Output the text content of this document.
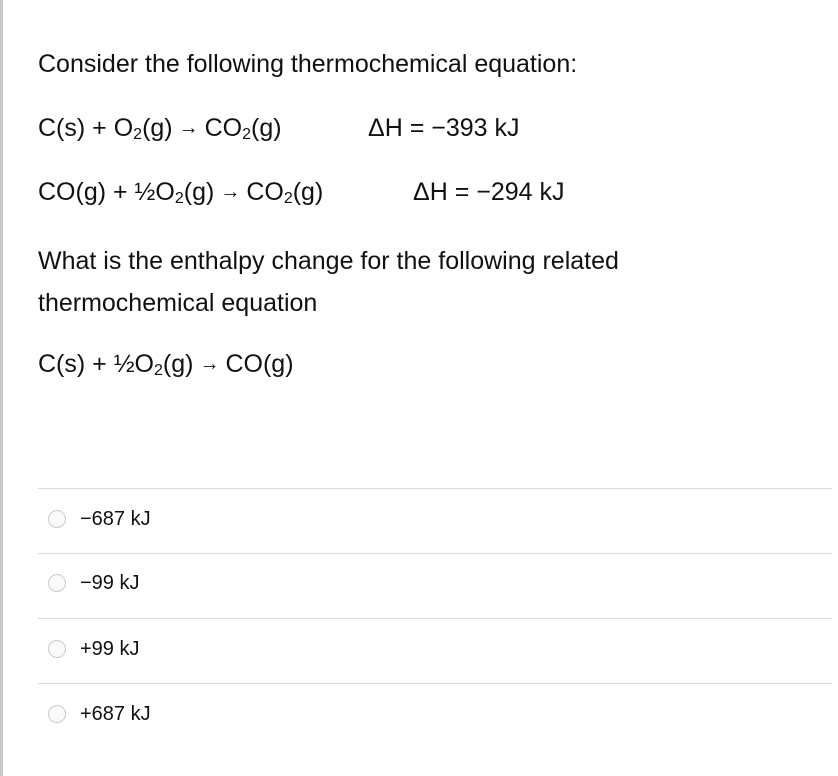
Consider the following thermochemical equation:
$C(s) + O_2(g) \to CO_2(g)$	ΔH = −393 kJ
$CO(g) + \frac{1}{2}O_2(g) \to CO_2(g)$	ΔH = −294 kJ
What is the enthalpy change for the following related thermochemical equation
$C(s) + \frac{1}{2}O_2(g) \to CO(g)$
−687 kJ
−99 kJ
+99 kJ
+687 kJ
